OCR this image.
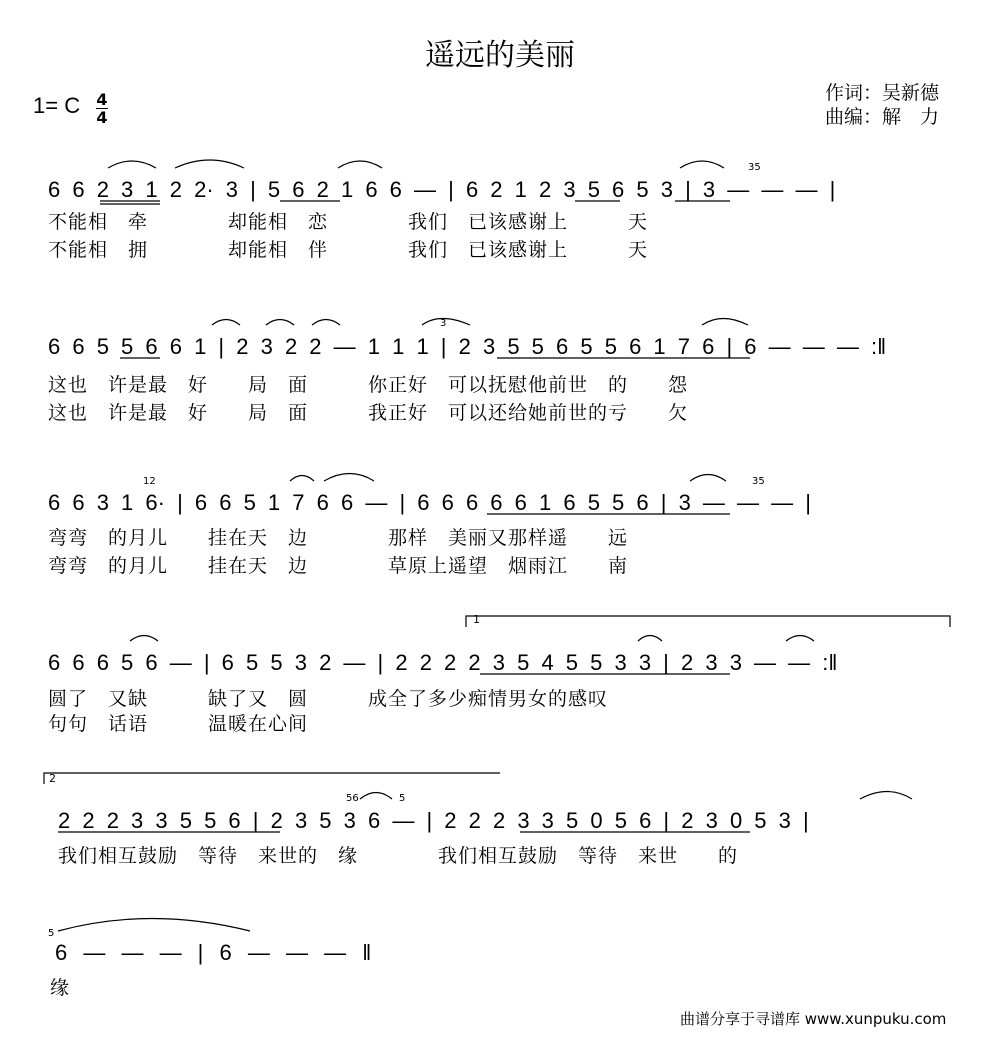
遥远的美丽
1= C 4
4
作词：吴新德
曲编：解　力
6 6 2 3 1 2 2· 3 | 5 6 2 1 6 6 — | 6 2 1 2 3 5 6 5 3 | 3 — — — |
不能相　牵　　　　却能相　恋　　　　我们　已该感谢上　　　天
不能相　拥　　　　却能相　伴　　　　我们　已该感谢上　　　天
6 6 5 5 6 6 1 | 2 3 2 2 — 1 1 1 | 2 3 5 5 6 5 5 6 1 7 6 | 6 — — — :‖
这也　许是最　好　　局　面　　　你正好　可以抚慰他前世　的　　怨
这也　许是最　好　　局　面　　　我正好　可以还给她前世的亏　　欠
6 6 3 1 6· | 6 6 5 1 7 6 6 — | 6 6 6 6 6 1 6 5 5 6 | 3 — — — |
弯弯　的月儿　　挂在天　边　　　　那样　美丽又那样遥　　远
弯弯　的月儿　　挂在天　边　　　　草原上遥望　烟雨江　　南
1
6 6 6 5 6 — | 6 5 5 3 2 — | 2 2 2 2 3 5 4 5 5 3 3 | 2 3 3 — — :‖
圆了　又缺　　　缺了又　圆　　　成全了多少痴情男女的感叹
句句　话语　　　温暖在心间
2
2 2 2 3 3 5 5 6 | 2 3 5 3 6 — | 2 2 2 3 3 5 0 5 6 | 2 3 0 5 3 |
我们相互鼓励　等待　来世的　缘　　　　我们相互鼓励　等待　来世　　的
6 — — — | 6 — — — ‖
缘
35
12	35
56	5
5
3
曲谱分享于寻谱库 www.xunpuku.com
